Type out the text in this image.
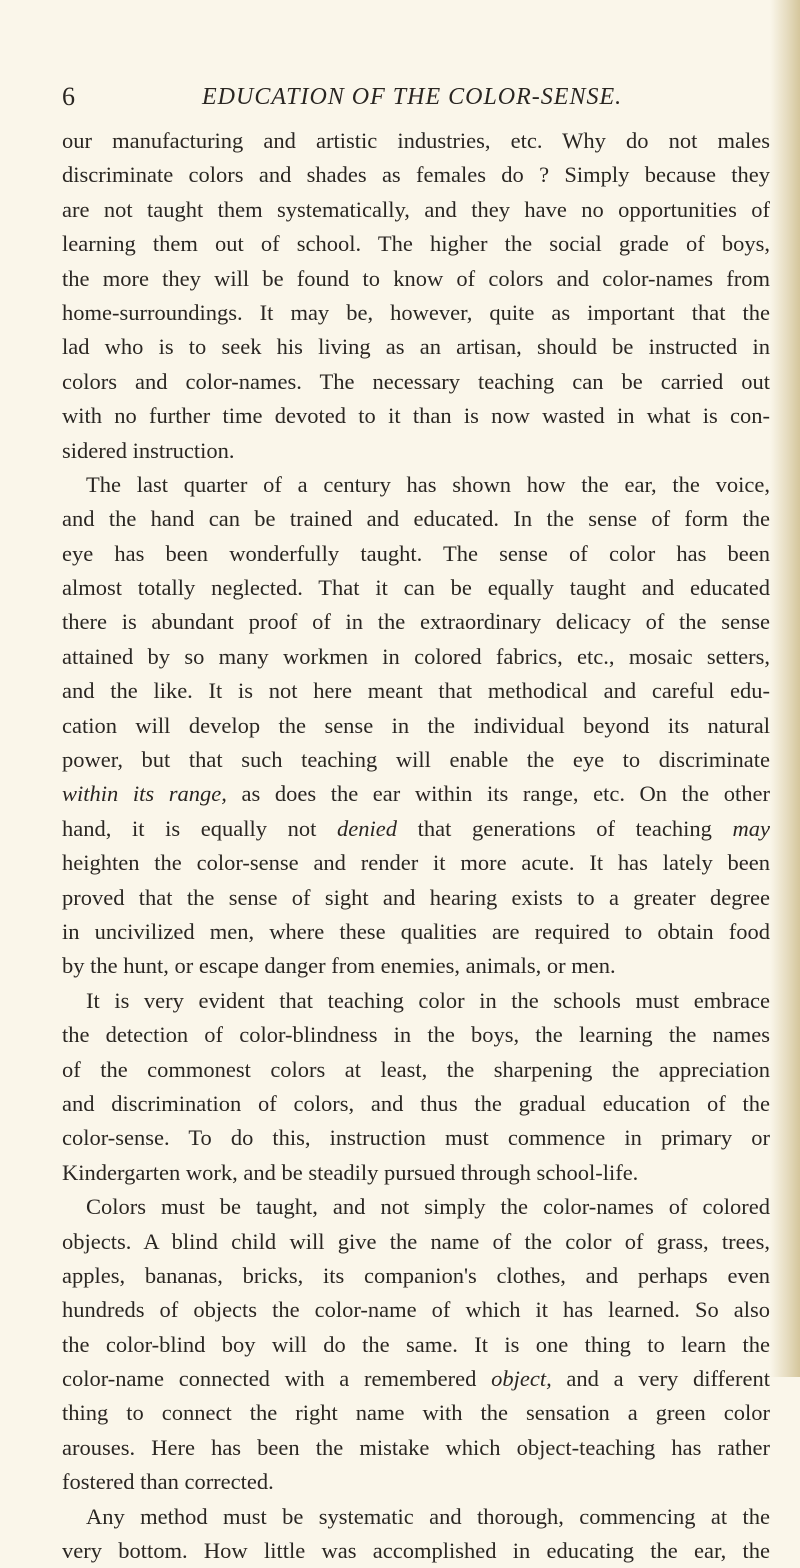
6	EDUCATION OF THE COLOR-SENSE.
our manufacturing and artistic industries, etc. Why do not males
discriminate colors and shades as females do ? Simply because they
are not taught them systematically, and they have no opportunities of
learning them out of school. The higher the social grade of boys,
the more they will be found to know of colors and color-names from
home-surroundings. It may be, however, quite as important that the
lad who is to seek his living as an artisan, should be instructed in
colors and color-names. The necessary teaching can be carried out
with no further time devoted to it than is now wasted in what is con-
sidered instruction.
The last quarter of a century has shown how the ear, the voice,
and the hand can be trained and educated. In the sense of form the
eye has been wonderfully taught. The sense of color has been
almost totally neglected. That it can be equally taught and educated
there is abundant proof of in the extraordinary delicacy of the sense
attained by so many workmen in colored fabrics, etc., mosaic setters,
and the like. It is not here meant that methodical and careful edu-
cation will develop the sense in the individual beyond its natural
power, but that such teaching will enable the eye to discriminate
within its range, as does the ear within its range, etc. On the other
hand, it is equally not denied that generations of teaching may
heighten the color-sense and render it more acute. It has lately been
proved that the sense of sight and hearing exists to a greater degree
in uncivilized men, where these qualities are required to obtain food
by the hunt, or escape danger from enemies, animals, or men.
It is very evident that teaching color in the schools must embrace
the detection of color-blindness in the boys, the learning the names
of the commonest colors at least, the sharpening the appreciation
and discrimination of colors, and thus the gradual education of the
color-sense. To do this, instruction must commence in primary or
Kindergarten work, and be steadily pursued through school-life.
Colors must be taught, and not simply the color-names of colored
objects. A blind child will give the name of the color of grass, trees,
apples, bananas, bricks, its companion's clothes, and perhaps even
hundreds of objects the color-name of which it has learned. So also
the color-blind boy will do the same. It is one thing to learn the
color-name connected with a remembered object, and a very different
thing to connect the right name with the sensation a green color
arouses. Here has been the mistake which object-teaching has rather
fostered than corrected.
Any method must be systematic and thorough, commencing at the
very bottom. How little was accomplished in educating the ear, the
